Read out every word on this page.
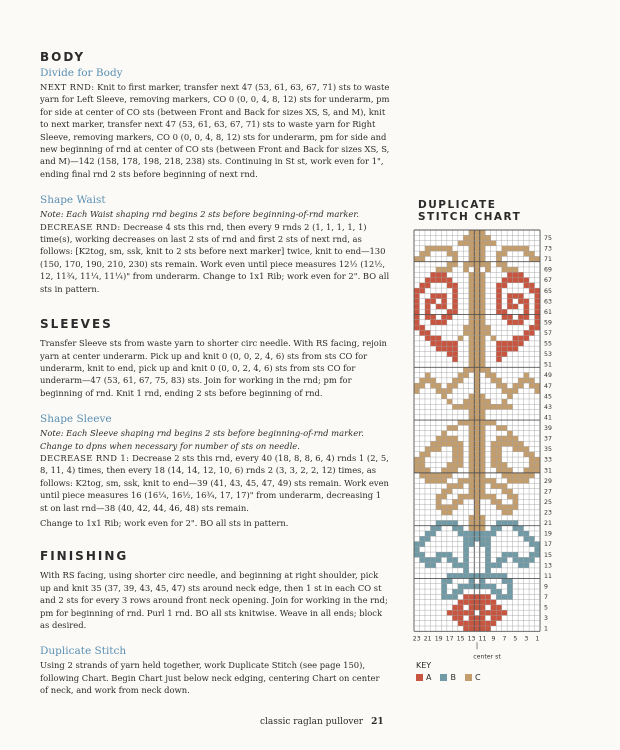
BODY
Divide for Body

NEXT RND: Knit to first marker, transfer next 47 (53, 61, 63, 67, 71) sts to waste yarn for Left Sleeve, removing markers, CO 0 (0, 0, 4, 8, 12) sts for underarm, pm for side at center of CO sts (between Front and Back for sizes XS, S, and M), knit to next marker, transfer next 47 (53, 61, 63, 67, 71) sts to waste yarn for Right Sleeve, removing markers, CO 0 (0, 0, 4, 8, 12) sts for underarm, pm for side and new beginning of rnd at center of CO sts (between Front and Back for sizes XS, S, and M)—142 (158, 178, 198, 218, 238) sts. Continuing in St st, work even for 1", ending final rnd 2 sts before beginning of next rnd.

Shape Waist

Note: Each Waist shaping rnd begins 2 sts before beginning-of-rnd marker.

DECREASE RND: Decrease 4 sts this rnd, then every 9 rnds 2 (1, 1, 1, 1, 1) time(s), working decreases on last 2 sts of rnd and first 2 sts of next rnd, as follows: [K2tog, sm, ssk, knit to 2 sts before next marker] twice, knit to end—130 (150, 170, 190, 210, 230) sts remain. Work even until piece measures 12½ (12½, 12, 11¾, 11¼, 11¼)" from underarm. Change to 1x1 Rib; work even for 2". BO all sts in pattern.

SLEEVES

Transfer Sleeve sts from waste yarn to shorter circ needle. With RS facing, rejoin yarn at center underarm. Pick up and knit 0 (0, 0, 2, 4, 6) sts from sts CO for underarm, knit to end, pick up and knit 0 (0, 0, 2, 4, 6) sts from sts CO for underarm—47 (53, 61, 67, 75, 83) sts. Join for working in the rnd; pm for beginning of rnd. Knit 1 rnd, ending 2 sts before beginning of rnd.

Shape Sleeve

Note: Each Sleeve shaping rnd begins 2 sts before beginning-of-rnd marker. Change to dpns when necessary for number of sts on needle.

DECREASE RND 1: Decrease 2 sts this rnd, every 40 (18, 8, 8, 6, 4) rnds 1 (2, 5, 8, 11, 4) times, then every 18 (14, 14, 12, 10, 6) rnds 2 (3, 3, 2, 2, 12) times, as follows: K2tog, sm, ssk, knit to end—39 (41, 43, 45, 47, 49) sts remain. Work even until piece measures 16 (16¼, 16½, 16¾, 17, 17)" from underarm, decreasing 1 st on last rnd—38 (40, 42, 44, 46, 48) sts remain.

Change to 1x1 Rib; work even for 2". BO all sts in pattern.

FINISHING

With RS facing, using shorter circ needle, and beginning at right shoulder, pick up and knit 35 (37, 39, 43, 45, 47) sts around neck edge, then 1 st in each CO st and 2 sts for every 3 rows around front neck opening. Join for working in the rnd; pm for beginning of rnd. Purl 1 rnd. BO all sts knitwise. Weave in all ends; block as desired.

Duplicate Stitch

Using 2 strands of yarn held together, work Duplicate Stitch (see page 150), following Chart. Begin Chart just below neck edging, centering Chart on center of neck, and work from neck down.

classic raglan pullover 21
DUPLICATE STITCH CHART
75
73
71
69
67
65
63
61
59
57
55
53
51
49
47
45
43
41
39
37
35
33
31
29
27
25
23
21
19
17
15
13
11
9
7
5
3
1
23 21 19 17 15 13 11 9 7 5 3 1
center st
KEY
A B C
